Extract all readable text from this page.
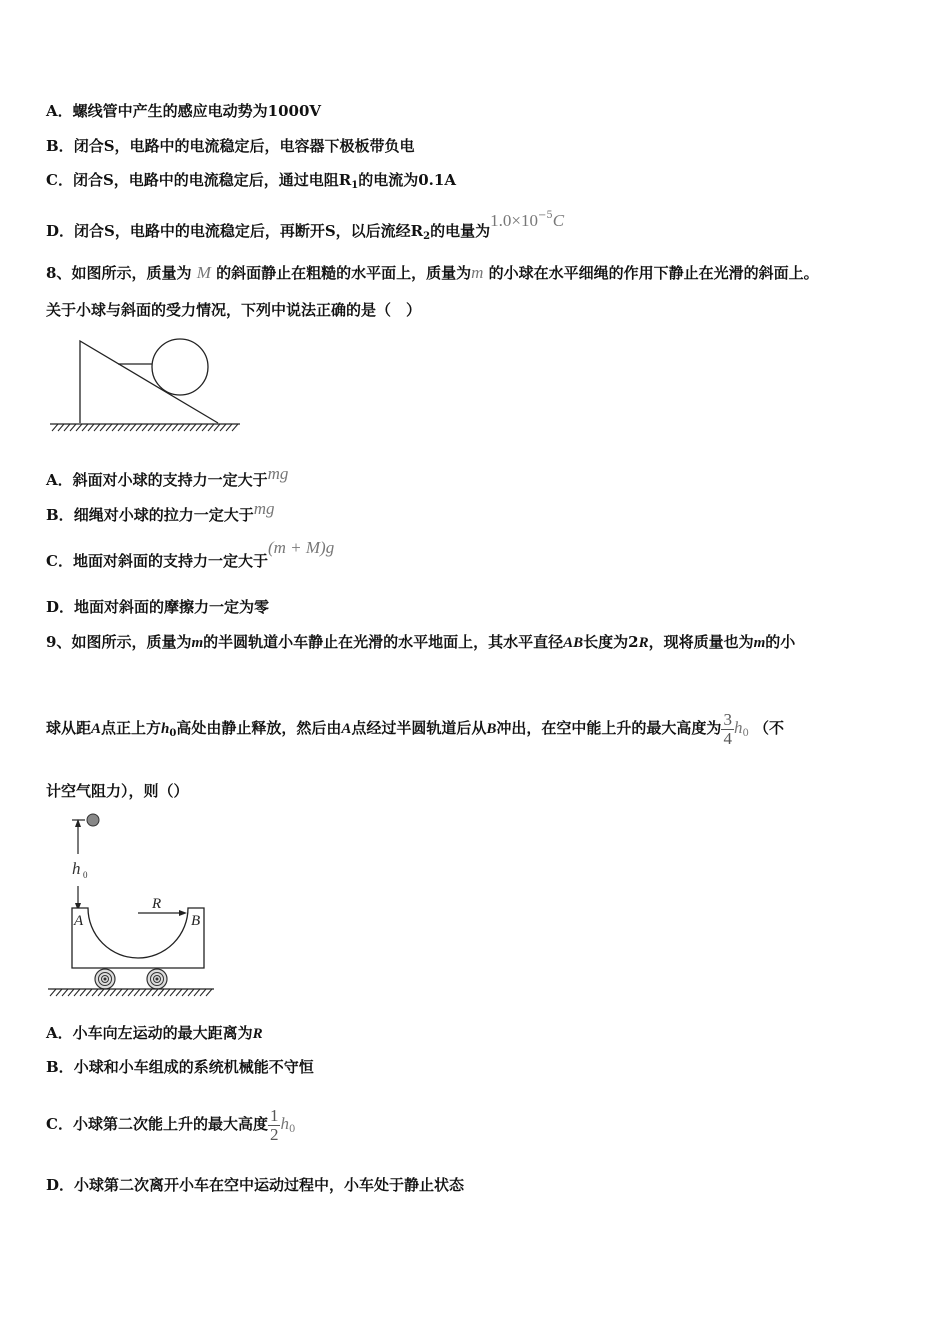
A．螺线管中产生的感应电动势为1000V
B．闭合S，电路中的电流稳定后，电容器下极板带负电
C．闭合S，电路中的电流稳定后，通过电阻$R_1$的电流为0.1A
D．闭合S，电路中的电流稳定后，再断开S，以后流经$R_2$的电量为$1.0\times 10^{-5}C$
8、如图所示，质量为 M 的斜面静止在粗糙的水平面上，质量为m 的小球在水平细绳的作用下静止在光滑的斜面上。
关于小球与斜面的受力情况，下列中说法正确的是（　）
A．斜面对小球的支持力一定大于mg
B．细绳对小球的拉力一定大于mg
C．地面对斜面的支持力一定大于(m + M)g
D．地面对斜面的摩擦力一定为零
9、如图所示，质量为m的半圆轨道小车静止在光滑的水平地面上，其水平直径AB长度为2R，现将质量也为m的小
球从距A点正上方$h_0$高处由静止释放，然后由A点经过半圆轨道后从B冲出，在空中能上升的最大高度为 $\frac{3}{4} h_0$ （不
计空气阻力），则（）
h 0
R
A	B
A．小车向左运动的最大距离为R
B．小球和小车组成的系统机械能不守恒
C．小球第二次能上升的最大高度 $\frac{1}{2} h_0$
D．小球第二次离开小车在空中运动过程中，小车处于静止状态
